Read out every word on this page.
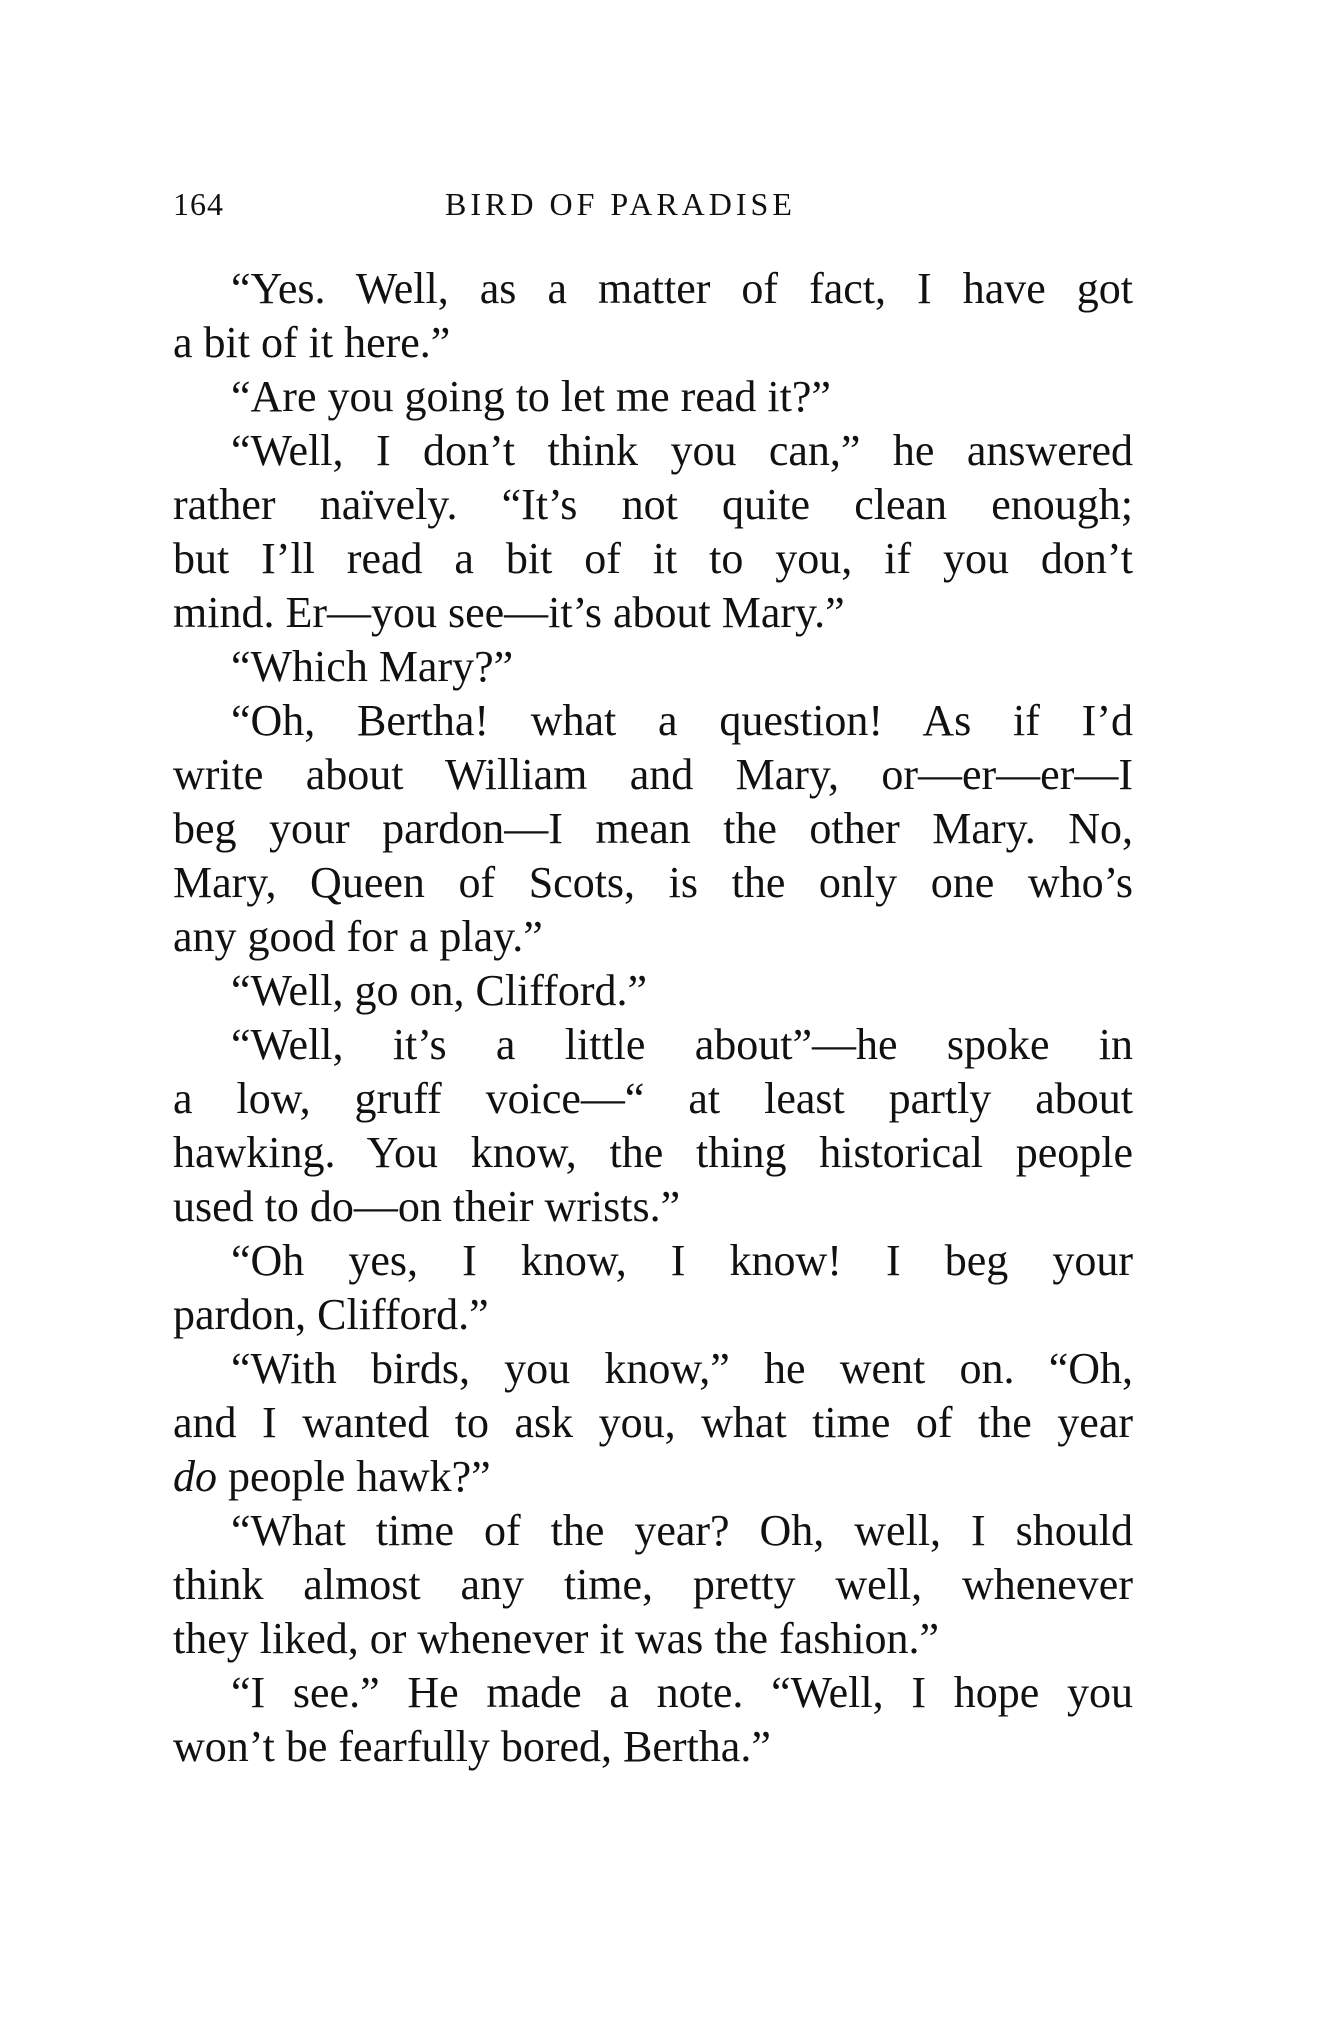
164	BIRD OF PARADISE

“Yes. Well, as a matter of fact, I have got
a bit of it here.”

“Are you going to let me read it?”

“Well, I don’t think you can,” he answered
rather naïvely. “It’s not quite clean enough;
but I’ll read a bit of it to you, if you don’t
mind. Er—you see—it’s about Mary.”

“Which Mary?”

“Oh, Bertha! what a question! As if I’d
write about William and Mary, or—er—er—I
beg your pardon—I mean the other Mary. No,
Mary, Queen of Scots, is the only one who’s
any good for a play.”

“Well, go on, Clifford.”

“Well, it’s a little about”—he spoke in
a low, gruff voice—“ at least partly about
hawking. You know, the thing historical people
used to do—on their wrists.”

“Oh yes, I know, I know! I beg your
pardon, Clifford.”

“With birds, you know,” he went on. “Oh,
and I wanted to ask you, what time of the year
do people hawk?”

“What time of the year? Oh, well, I should
think almost any time, pretty well, whenever
they liked, or whenever it was the fashion.”

“I see.” He made a note. “Well, I hope you
won’t be fearfully bored, Bertha.”
